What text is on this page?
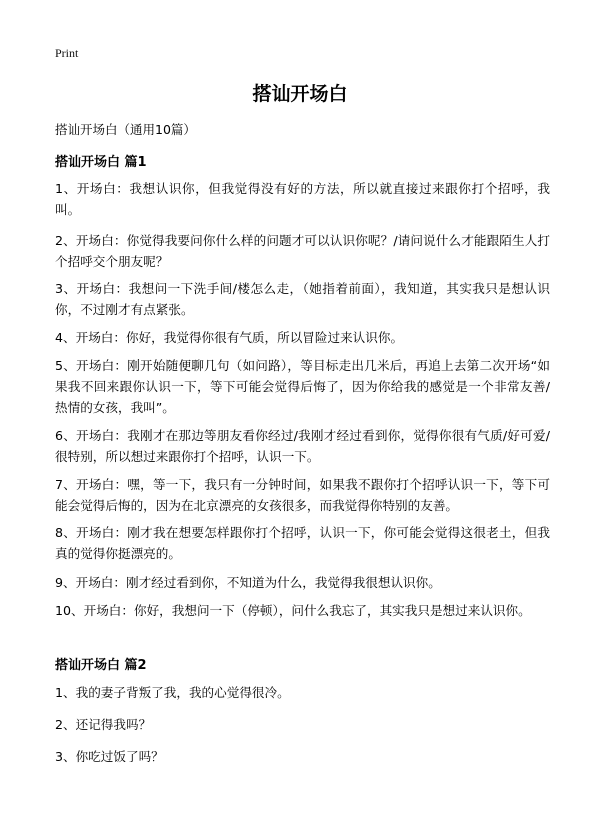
Print
搭讪开场白
搭讪开场白（通用10篇）
搭讪开场白 篇1
1、开场白：我想认识你，但我觉得没有好的方法，所以就直接过来跟你打个招呼，我叫。
2、开场白：你觉得我要问你什么样的问题才可以认识你呢？/请问说什么才能跟陌生人打个招呼交个朋友呢？
3、开场白：我想问一下洗手间/楼怎么走，（她指着前面），我知道，其实我只是想认识你，不过刚才有点紧张。
4、开场白：你好，我觉得你很有气质，所以冒险过来认识你。
5、开场白：刚开始随便聊几句（如问路），等目标走出几米后，再追上去第二次开场“如果我不回来跟你认识一下，等下可能会觉得后悔了，因为你给我的感觉是一个非常友善/热情的女孩，我叫”。
6、开场白：我刚才在那边等朋友看你经过/我刚才经过看到你，觉得你很有气质/好可爱/很特别，所以想过来跟你打个招呼，认识一下。
7、开场白：嘿，等一下，我只有一分钟时间，如果我不跟你打个招呼认识一下，等下可能会觉得后悔的，因为在北京漂亮的女孩很多，而我觉得你特别的友善。
8、开场白：刚才我在想要怎样跟你打个招呼，认识一下，你可能会觉得这很老土，但我真的觉得你挺漂亮的。
9、开场白：刚才经过看到你，不知道为什么，我觉得我很想认识你。
10、开场白：你好，我想问一下（停顿），问什么我忘了，其实我只是想过来认识你。
搭讪开场白 篇2
1、我的妻子背叛了我，我的心觉得很冷。
2、还记得我吗？
3、你吃过饭了吗？
